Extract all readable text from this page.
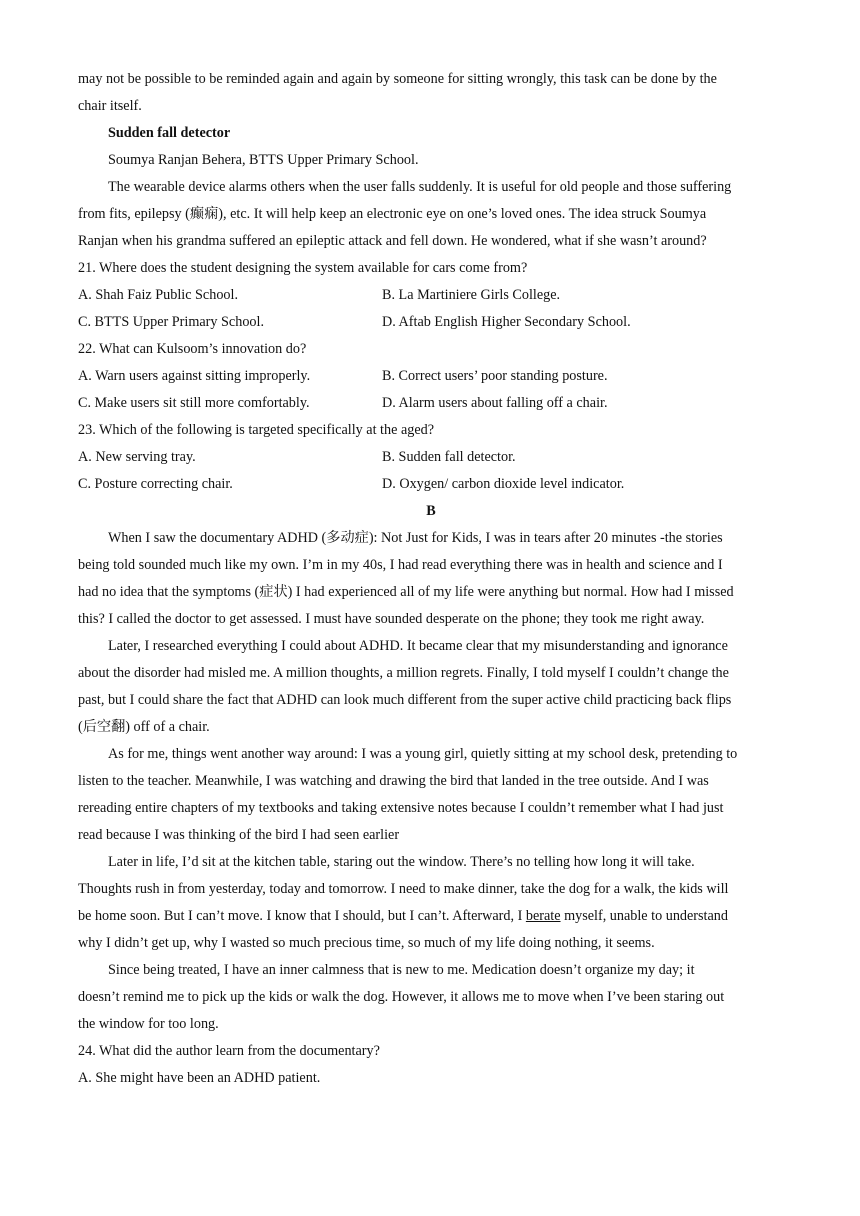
may not be possible to be reminded again and again by someone for sitting wrongly, this task can be done by the
chair itself.
Sudden fall detector
Soumya Ranjan Behera, BTTS Upper Primary School.
The wearable device alarms others when the user falls suddenly. It is useful for old people and those suffering
from fits, epilepsy (癫痫), etc. It will help keep an electronic eye on one’s loved ones. The idea struck Soumya
Ranjan when his grandma suffered an epileptic attack and fell down. He wondered, what if she wasn’t around?
21. Where does the student designing the system available for cars come from?
A. Shah Faiz Public School.	B. La Martiniere Girls College.
C. BTTS Upper Primary School.	D. Aftab English Higher Secondary School.
22. What can Kulsoom’s innovation do?
A. Warn users against sitting improperly.	B. Correct users’ poor standing posture.
C. Make users sit still more comfortably.	D. Alarm users about falling off a chair.
23. Which of the following is targeted specifically at the aged?
A. New serving tray.	B. Sudden fall detector.
C. Posture correcting chair.	D. Oxygen/ carbon dioxide level indicator.
B
When I saw the documentary ADHD (多动症): Not Just for Kids, I was in tears after 20 minutes -the stories
being told sounded much like my own. I’m in my 40s, I had read everything there was in health and science and I
had no idea that the symptoms (症状) I had experienced all of my life were anything but normal. How had I missed
this? I called the doctor to get assessed. I must have sounded desperate on the phone; they took me right away.
Later, I researched everything I could about ADHD. It became clear that my misunderstanding and ignorance
about the disorder had misled me. A million thoughts, a million regrets. Finally, I told myself I couldn’t change the
past, but I could share the fact that ADHD can look much different from the super active child practicing back flips
(后空翻) off of a chair.
As for me, things went another way around: I was a young girl, quietly sitting at my school desk, pretending to
listen to the teacher. Meanwhile, I was watching and drawing the bird that landed in the tree outside. And I was
rereading entire chapters of my textbooks and taking extensive notes because I couldn’t remember what I had just
read because I was thinking of the bird I had seen earlier
Later in life, I’d sit at the kitchen table, staring out the window. There’s no telling how long it will take.
Thoughts rush in from yesterday, today and tomorrow. I need to make dinner, take the dog for a walk, the kids will
be home soon. But I can’t move. I know that I should, but I can’t. Afterward, I berate myself, unable to understand
why I didn’t get up, why I wasted so much precious time, so much of my life doing nothing, it seems.
Since being treated, I have an inner calmness that is new to me. Medication doesn’t organize my day; it
doesn’t remind me to pick up the kids or walk the dog. However, it allows me to move when I’ve been staring out
the window for too long.
24. What did the author learn from the documentary?
A. She might have been an ADHD patient.
